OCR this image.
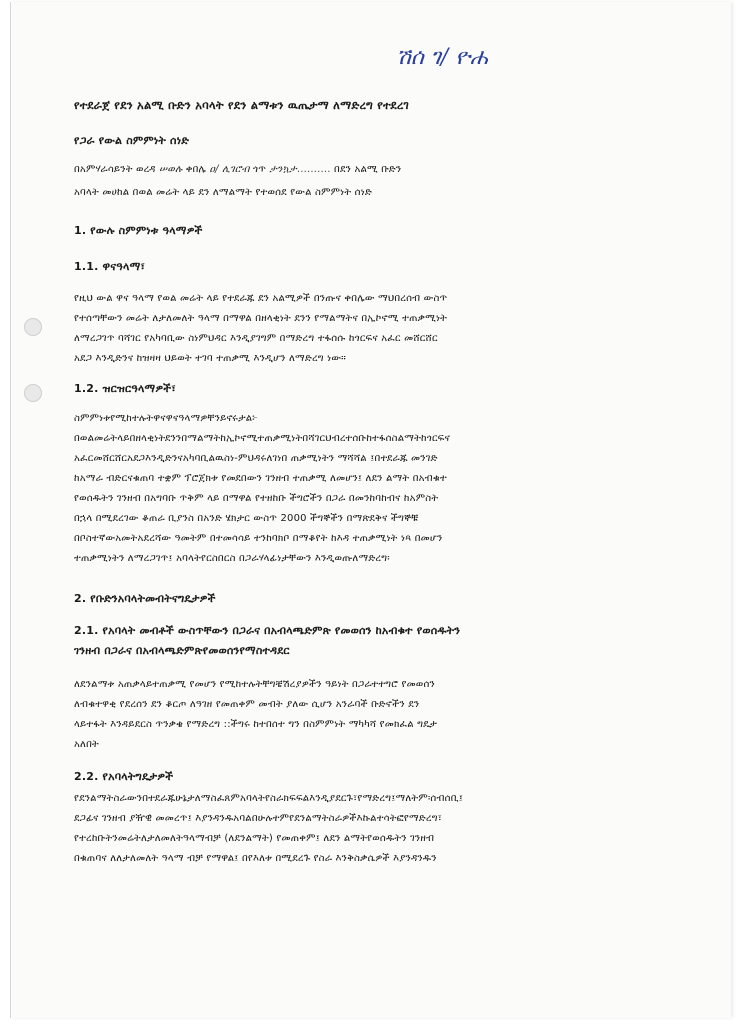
ሽሰ ገ/ ዮሐ
የተደራጀ የደን አልሚ ቡድን አባላት የደን ልማቱን ዉጤታማ ለማድረግ የተደረገ
የጋራ የውል ስምምነት ሰነድ
በአምሃራሳይንት ወረዳ ሠወሉ ቀበሌ ዐ/ ሊገሮብ ጎጥ ታንኳታ.......... በደን አልሚ ቡድን
አባላት መሀከል በወል መሬት ላይ ደን ለማልማት የተወሰደ የውል ስምምነት ሰነድ
1. የውሉ ስምምነቱ ዓላማዎች
1.1. ዋናዓላማ፣
የዚህ ውል ዋና ዓላማ የወል መሬት ላይ የተደራጁ ደን አልሚዎች በንጡና ቀበሌው ማህበረሰብ ውስጥ
የተሰጣቸውን መሬት ለታለመለት ዓላማ በማዋል በዘላቂነት ደንን የማልማትና በኢኮኖሚ ተጠቃሚነት
ለማረጋገጥ ባሻገር የአካባቢው ስነምህዳር እንዲያገግም በማድረግ ተፋሰሱ ከጎርፍና አፈር መሸርሸር
አደጋ እንዲድንና ከዝዛዛ ህይወት ተገባ ተጠቃሚ እንዲሆን ለማድረግ ነው።
1.2. ዝርዝርዓላማዎች፣
ስምምነቱየሚከተሉትዋናዋናዓላማዎቸንይኖሩታል፦
በወልመሬትላይበዘላቂነትደንንበማልማትከኢኮኖሚተጠቃሚነትበሻገርህብረተሰቡከተፋሰስልማትከጎርፍና
አፈርመሸርሸርአደጋእንዲድንናአካባቢልዉስነ-ምህዳሩለገነበ ጠቃሚነትን ማሻሻል ፤በተደራጁ መንገድ
ከአማራ ብድርናቁጠባ ተቋም ፕሮጀክቱ የመደበውን ገንዘብ ተጠቃሚ ለመሆን፤ ለደን ልማት በአብቁተ
የወሰዱትን ገንዘብ በአግባቡ ጥቅም ላይ በማዋል የተዘከቡ ችግሮችን በጋራ በመንከባከብና ከአምስት
በኋላ በሚደረገው ቆጠራ ቢያንስ በአንድ ሄክታር ውስጥ 2000 ችግኞችን በማጽደቅና ችግኞቹ
በቦስተኛውአመትአደረሻው ዓመትም በተመሳሳይ ተንከባክቦ በማቆየት ከእዳ ተጠቃሚነት ነጻ በመሆን
ተጠቃሚነትን ለማረጋገጥ፤ አባላትየርስበርስ በጋራሃላፊነታቸውን እንዲወጡለማድረግ፡
2. የቡድንአባላትመብትናግዴታዎች
2.1. የአባላት መብቶች ውስጥቸውን በጋራና በአብላጫድምጽ የመወሰን ከአብቁተ የወሰዱትን
ገንዘብ በጋራና በአብላጫድምጽየመወሰንየማስተዳደር
ለደንልማቱ አጠቃላይተጠቃሚ የመሆን የሚከተሉትቸግቼሽረያዎችን ዓይነት በጋራተተግሮ የመወሰን
ለብቁተዋቂ የደረሰን ደን ቆርጦ ለዓገዘ የመጠቀም መብት ያለው ሲሆን አንራባች ቡድኖችን ደን
ላይተፋት እንዳይደርስ ጥንቃቄ የማድረግ ::ችግሩ ከተበሰተ ግን በስምምነት ማካካሻ የመክፈል ግዴታ
አለበት
2.2. የአባላትግዴታዎች
የደንልማትስራውንበተደራጁሁኔታለማስፈጸምአባላትየስራክፍፍልእንዲያደርጉ፣የማድረግ፤ማለትም፡ሰብሰቢ፤
ደጋፊና ገንዘብ ያዥዊ መመረጥ፤ እያንዳንዱአባልበሁሉተምየደንልማትስራዎችእኩልተሳትፎየማድረግ፣
የተረከቡትንመሬትለታለመለትዓላማብቻ (ለደንልማት) የመጠቀም፤ ለደን ልማትየወሰዱትን ገንዘብ
በቁጠባና ለለታለመለት ዓላማ ብቻ የማዋል፤ በየእለቱ በሚደረጉ የስራ እንቅስቃሴዎች እያንዳንዱን
